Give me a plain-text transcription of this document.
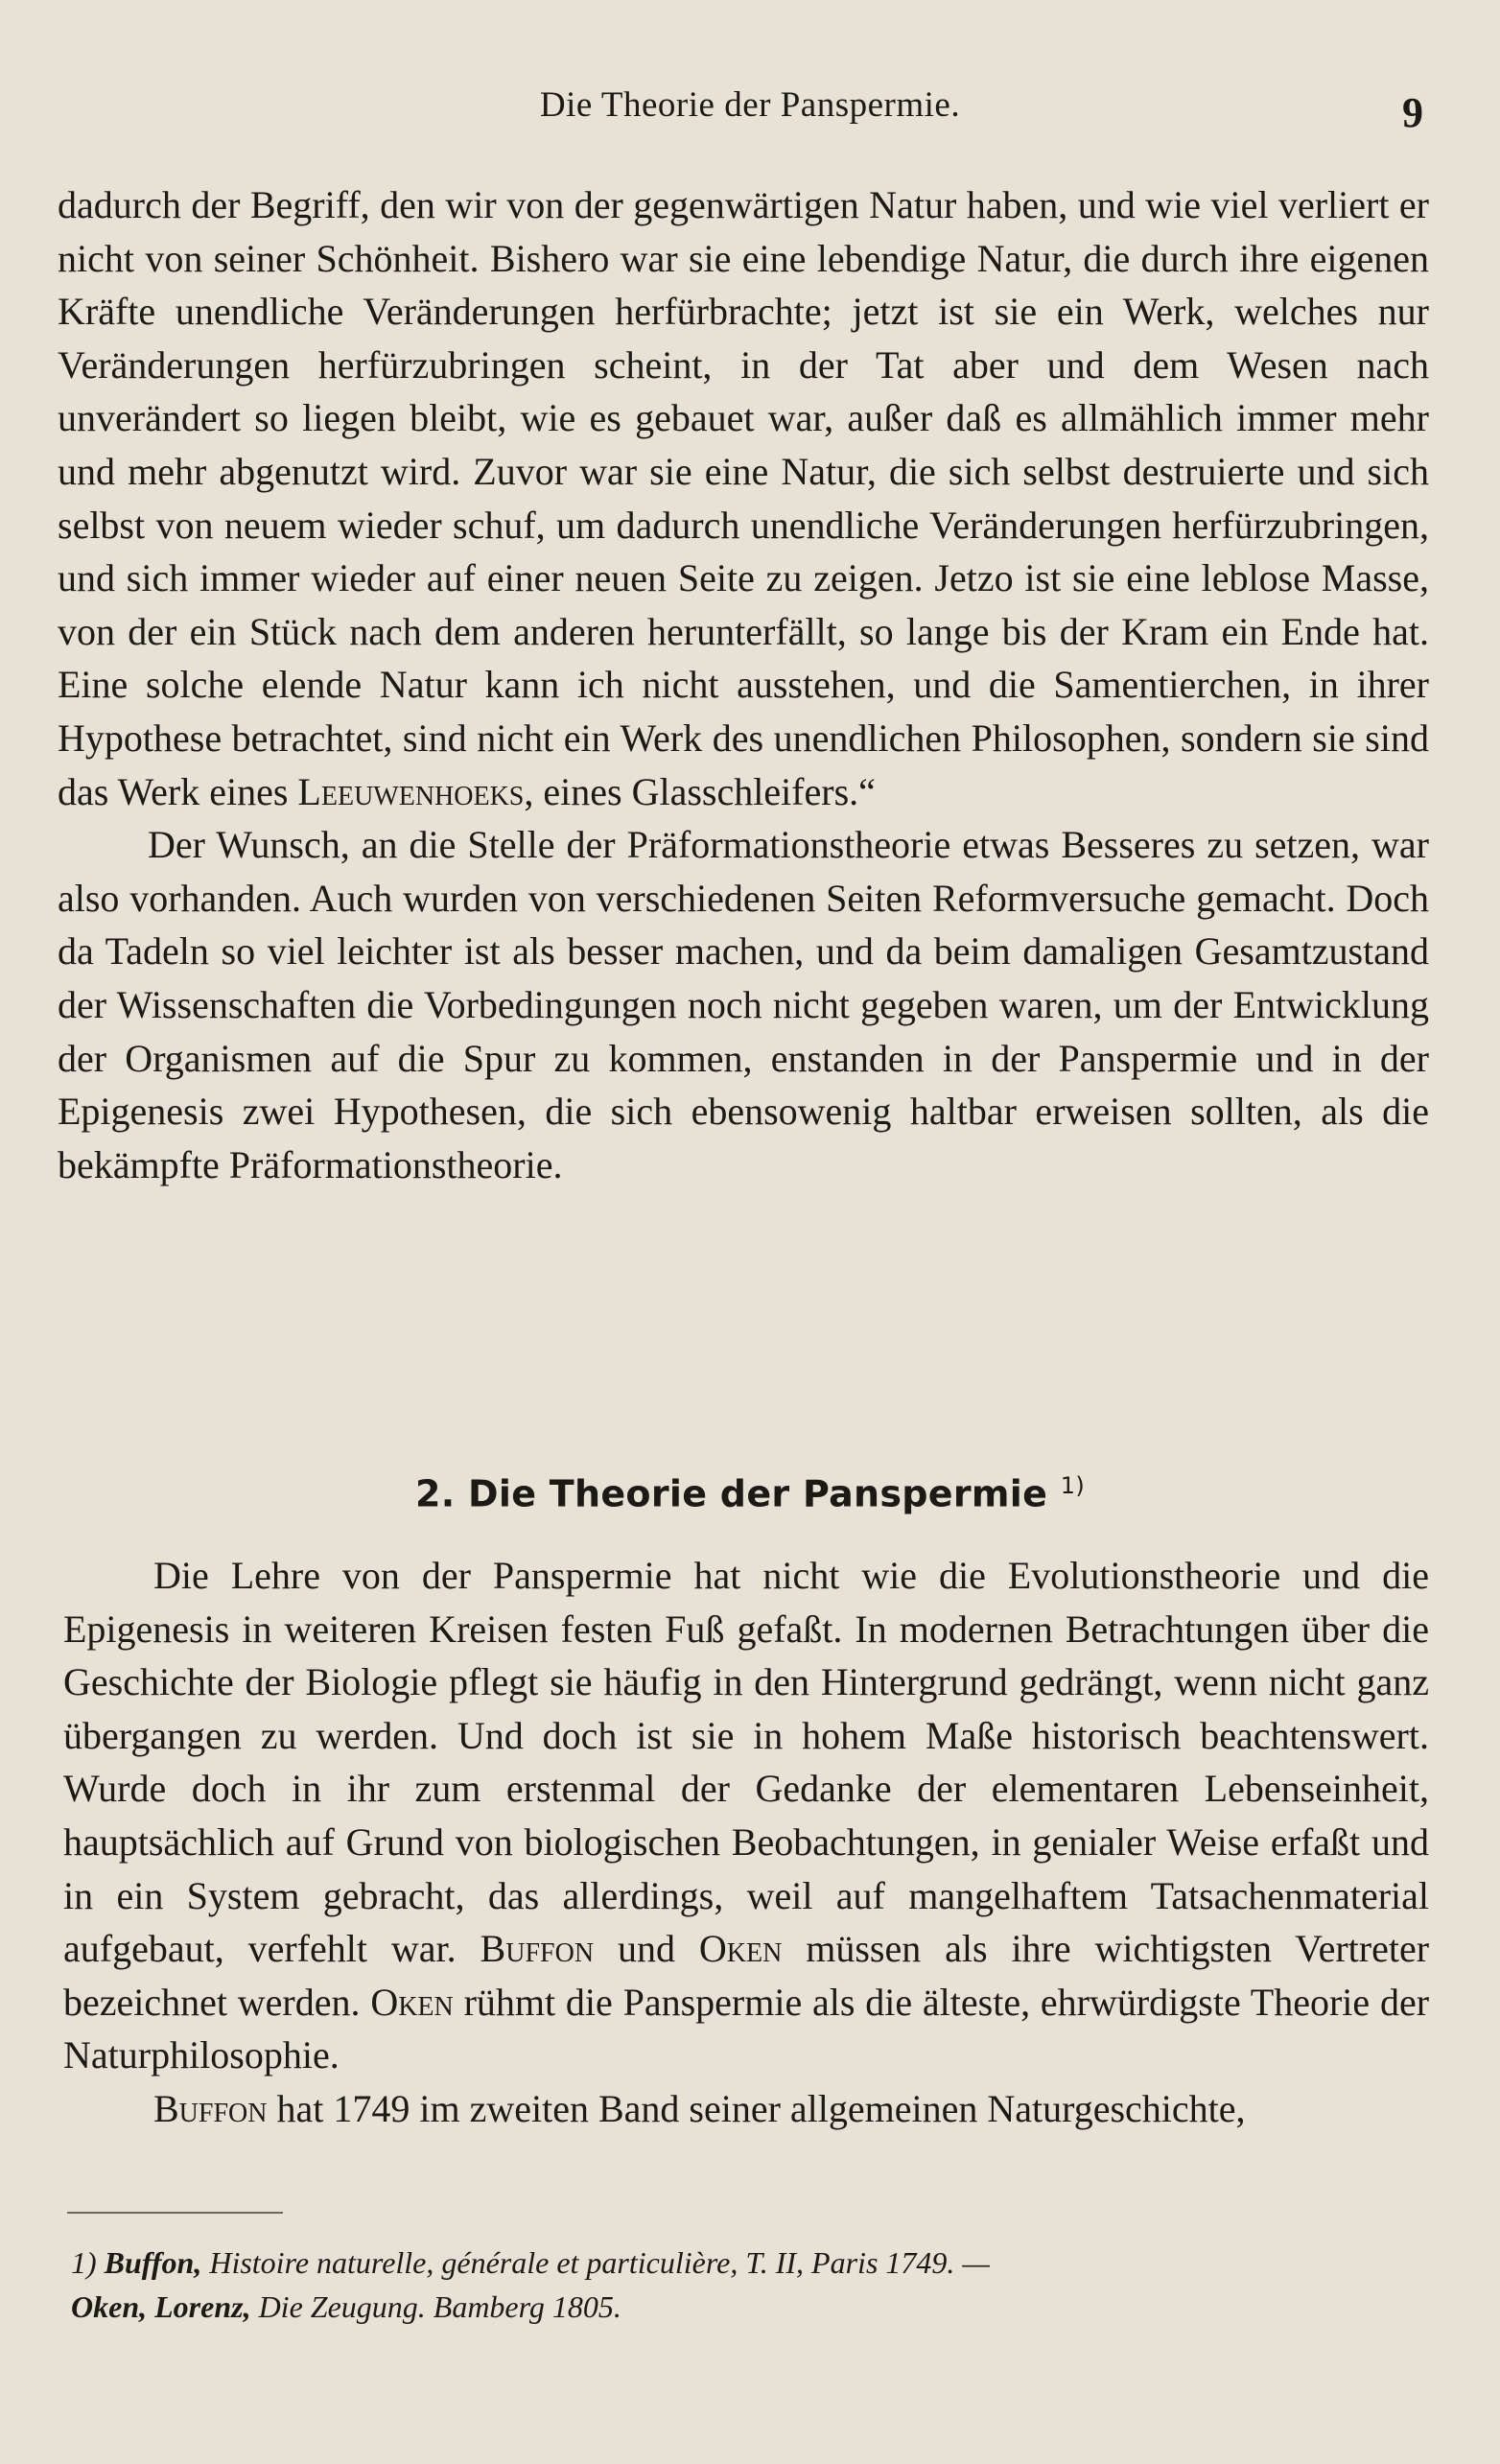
Die Theorie der Panspermie.	9

dadurch der Begriff, den wir von der gegenwärtigen Natur haben, und wie viel verliert er nicht von seiner Schönheit. Bishero war sie eine lebendige Natur, die durch ihre eigenen Kräfte unendliche Veränderungen herfürbrachte; jetzt ist sie ein Werk, welches nur Veränderungen herfürzubringen scheint, in der Tat aber und dem Wesen nach unverändert so liegen bleibt, wie es gebauet war, außer daß es allmählich immer mehr und mehr abgenutzt wird. Zuvor war sie eine Natur, die sich selbst destruierte und sich selbst von neuem wieder schuf, um dadurch unendliche Veränderungen herfürzubringen, und sich immer wieder auf einer neuen Seite zu zeigen. Jetzo ist sie eine leblose Masse, von der ein Stück nach dem anderen herunterfällt, so lange bis der Kram ein Ende hat. Eine solche elende Natur kann ich nicht ausstehen, und die Samentierchen, in ihrer Hypothese betrachtet, sind nicht ein Werk des unendlichen Philosophen, sondern sie sind das Werk eines Leeuwenhoeks, eines Glasschleifers.“

Der Wunsch, an die Stelle der Präformationstheorie etwas Besseres zu setzen, war also vorhanden. Auch wurden von verschiedenen Seiten Reformversuche gemacht. Doch da Tadeln so viel leichter ist als besser machen, und da beim damaligen Gesamtzustand der Wissenschaften die Vorbedingungen noch nicht gegeben waren, um der Entwicklung der Organismen auf die Spur zu kommen, enstanden in der Panspermie und in der Epigenesis zwei Hypothesen, die sich ebensowenig haltbar erweisen sollten, als die bekämpfte Präformationstheorie.

2. Die Theorie der Panspermie $^{1)}$

Die Lehre von der Panspermie hat nicht wie die Evolutionstheorie und die Epigenesis in weiteren Kreisen festen Fuß gefaßt. In modernen Betrachtungen über die Geschichte der Biologie pflegt sie häufig in den Hintergrund gedrängt, wenn nicht ganz übergangen zu werden. Und doch ist sie in hohem Maße historisch beachtenswert. Wurde doch in ihr zum erstenmal der Gedanke der elementaren Lebenseinheit, hauptsächlich auf Grund von biologischen Beobachtungen, in genialer Weise erfaßt und in ein System gebracht, das allerdings, weil auf mangelhaftem Tatsachenmaterial aufgebaut, verfehlt war. Buffon und Oken müssen als ihre wichtigsten Vertreter bezeichnet werden. Oken rühmt die Panspermie als die älteste, ehrwürdigste Theorie der Naturphilosophie.

Buffon hat 1749 im zweiten Band seiner allgemeinen Naturgeschichte,

1) Buffon, Histoire naturelle, générale et particulière, T. II, Paris 1749. —

Oken, Lorenz, Die Zeugung. Bamberg 1805.
